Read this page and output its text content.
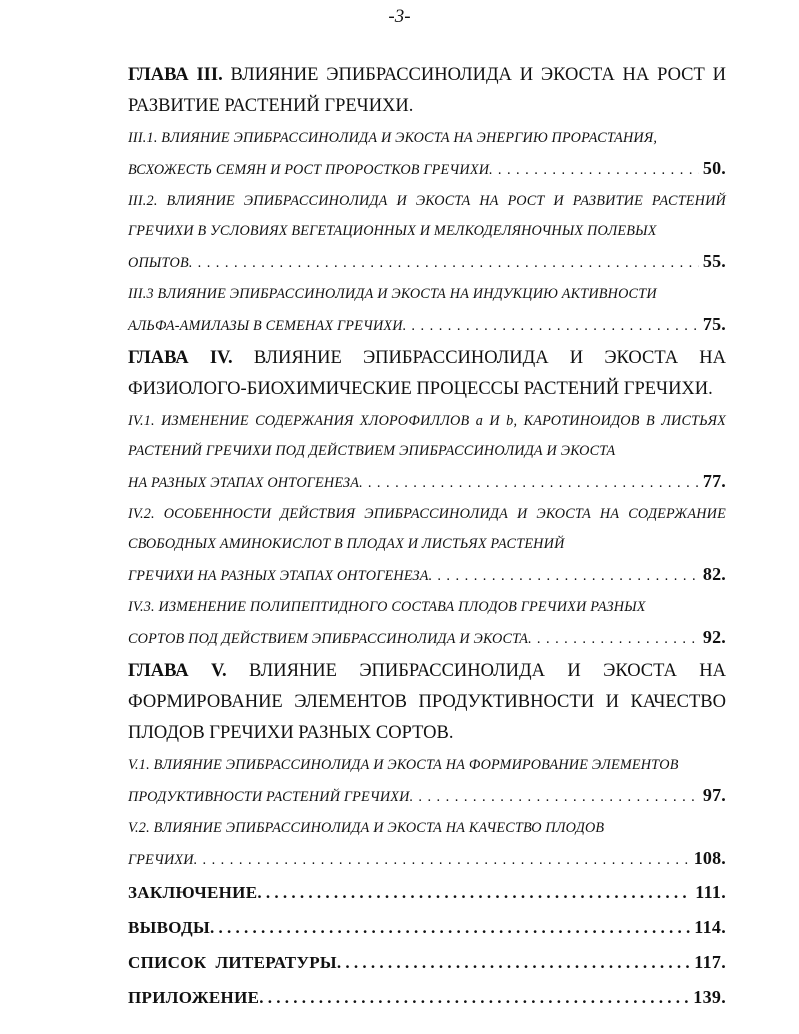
-3-
ГЛАВА III. ВЛИЯНИЕ ЭПИБРАССИНОЛИДА И ЭКОСТА НА РОСТ И РАЗВИТИЕ РАСТЕНИЙ ГРЕЧИХИ.
III.1. ВЛИЯНИЕ ЭПИБРАССИНОЛИДА И ЭКОСТА НА ЭНЕРГИЮ ПРОРАСТАНИЯ,
ВСХОЖЕСТЬ СЕМЯН И РОСТ ПРОРОСТКОВ ГРЕЧИХИ . . .	50.
III.2. ВЛИЯНИЕ ЭПИБРАССИНОЛИДА И ЭКОСТА НА РОСТ И РАЗВИТИЕ РАСТЕНИЙ ГРЕЧИХИ В УСЛОВИЯХ ВЕГЕТАЦИОННЫХ И МЕЛКОДЕЛЯНОЧНЫХ ПОЛЕВЫХ
ОПЫТОВ . . .	55.
III.3 ВЛИЯНИЕ ЭПИБРАССИНОЛИДА И ЭКОСТА НА ИНДУКЦИЮ АКТИВНОСТИ
АЛЬФА-АМИЛАЗЫ В СЕМЕНАХ ГРЕЧИХИ . . .	75.
ГЛАВА IV. ВЛИЯНИЕ ЭПИБРАССИНОЛИДА И ЭКОСТА НА ФИЗИОЛОГО-БИОХИМИЧЕСКИЕ ПРОЦЕССЫ РАСТЕНИЙ ГРЕЧИХИ.
IV.1. ИЗМЕНЕНИЕ СОДЕРЖАНИЯ ХЛОРОФИЛЛОВ а И b, КАРОТИНОИДОВ В ЛИСТЬЯХ РАСТЕНИЙ ГРЕЧИХИ ПОД ДЕЙСТВИЕМ ЭПИБРАССИНОЛИДА И ЭКОСТА
НА РАЗНЫХ ЭТАПАХ ОНТОГЕНЕЗА . . .	77.
IV.2. ОСОБЕННОСТИ ДЕЙСТВИЯ ЭПИБРАССИНОЛИДА И ЭКОСТА НА СОДЕРЖАНИЕ СВОБОДНЫХ АМИНОКИСЛОТ В ПЛОДАХ И ЛИСТЬЯХ РАСТЕНИЙ
ГРЕЧИХИ НА РАЗНЫХ ЭТАПАХ ОНТОГЕНЕЗА . . .	82.
IV.3. ИЗМЕНЕНИЕ ПОЛИПЕПТИДНОГО СОСТАВА ПЛОДОВ ГРЕЧИХИ РАЗНЫХ
СОРТОВ ПОД ДЕЙСТВИЕМ ЭПИБРАССИНОЛИДА И ЭКОСТА . . .	92.
ГЛАВА V. ВЛИЯНИЕ ЭПИБРАССИНОЛИДА И ЭКОСТА НА ФОРМИРОВАНИЕ ЭЛЕМЕНТОВ ПРОДУКТИВНОСТИ И КАЧЕСТВО ПЛОДОВ ГРЕЧИХИ РАЗНЫХ СОРТОВ.
V.1. ВЛИЯНИЕ ЭПИБРАССИНОЛИДА И ЭКОСТА НА ФОРМИРОВАНИЕ ЭЛЕМЕНТОВ
ПРОДУКТИВНОСТИ РАСТЕНИЙ ГРЕЧИХИ . . .	97.
V.2. ВЛИЯНИЕ ЭПИБРАССИНОЛИДА И ЭКОСТА НА КАЧЕСТВО ПЛОДОВ
ГРЕЧИХИ . . .	108.
ЗАКЛЮЧЕНИЕ . . .	111.
ВЫВОДЫ . . .	114.
СПИСОК  ЛИТЕРАТУРЫ . . .	117.
ПРИЛОЖЕНИЕ . . .	139.
